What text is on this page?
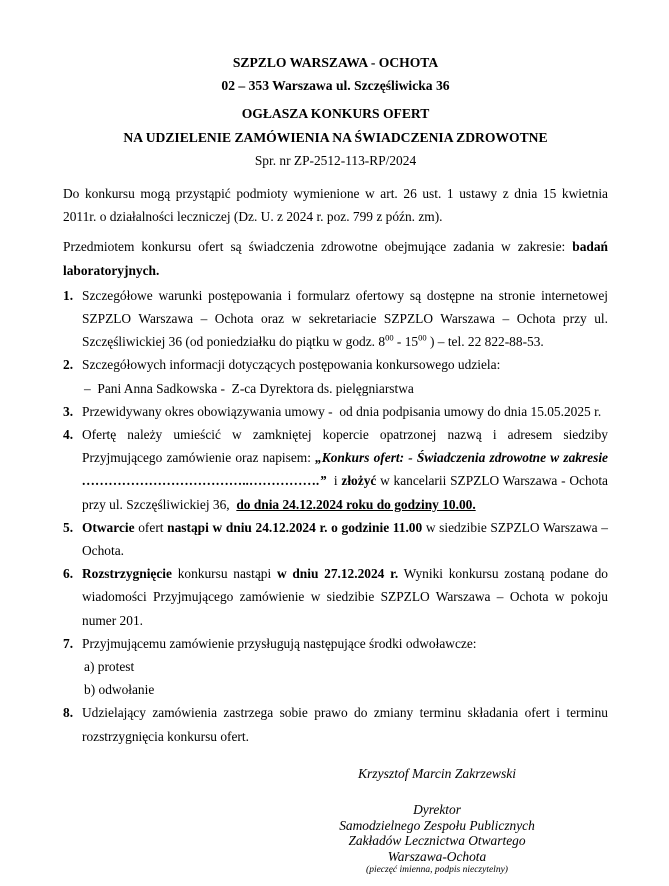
SZPZLO WARSZAWA - OCHOTA

02 – 353 Warszawa ul. Szczęśliwicka 36

OGŁASZA KONKURS OFERT

NA UDZIELENIE ZAMÓWIENIA NA ŚWIADCZENIA ZDROWOTNE

Spr. nr ZP-2512-113-RP/2024

Do konkursu mogą przystąpić podmioty wymienione w art. 26 ust. 1 ustawy z dnia 15 kwietnia 2011r. o działalności leczniczej (Dz. U. z 2024 r. poz. 799 z późn. zm).

Przedmiotem konkursu ofert są świadczenia zdrowotne obejmujące zadania w zakresie: badań laboratoryjnych.

1. Szczegółowe warunki postępowania i formularz ofertowy są dostępne na stronie internetowej SZPZLO Warszawa – Ochota oraz w sekretariacie SZPZLO Warszawa – Ochota przy ul. Szczęśliwickiej 36 (od poniedziałku do piątku w godz. $8^{00} - 15^{00}$ ) – tel. 22 822-88-53.
2. Szczegółowych informacji dotyczących postępowania konkursowego udziela:
–  Pani Anna Sadkowska -  Z-ca Dyrektora ds. pielęgniarstwa
3. Przewidywany okres obowiązywania umowy -  od dnia podpisania umowy do dnia 15.05.2025 r.
4. Ofertę należy umieścić w zamkniętej kopercie opatrzonej nazwą i adresem siedziby Przyjmującego zamówienie oraz napisem: „Konkurs ofert: - Świadczenia zdrowotne w zakresie ………………………………..…………….”  i złożyć w kancelarii SZPZLO Warszawa - Ochota przy ul. Szczęśliwickiej 36,  do dnia 24.12.2024 roku do godziny 10.00.
5. Otwarcie ofert nastąpi w dniu 24.12.2024 r. o godzinie 11.00 w siedzibie SZPZLO Warszawa – Ochota.
6. Rozstrzygnięcie konkursu nastąpi w dniu 27.12.2024 r. Wyniki konkursu zostaną podane do wiadomości Przyjmującego zamówienie w siedzibie SZPZLO Warszawa – Ochota w pokoju numer 201.
7. Przyjmującemu zamówienie przysługują następujące środki odwoławcze:
a) protest
b) odwołanie
8. Udzielający zamówienia zastrzega sobie prawo do zmiany terminu składania ofert i terminu rozstrzygnięcia konkursu ofert.

Krzysztof Marcin Zakrzewski

Dyrektor
Samodzielnego Zespołu Publicznych
Zakładów Lecznictwa Otwartego
Warszawa-Ochota
(pieczęć imienna, podpis nieczytelny)
